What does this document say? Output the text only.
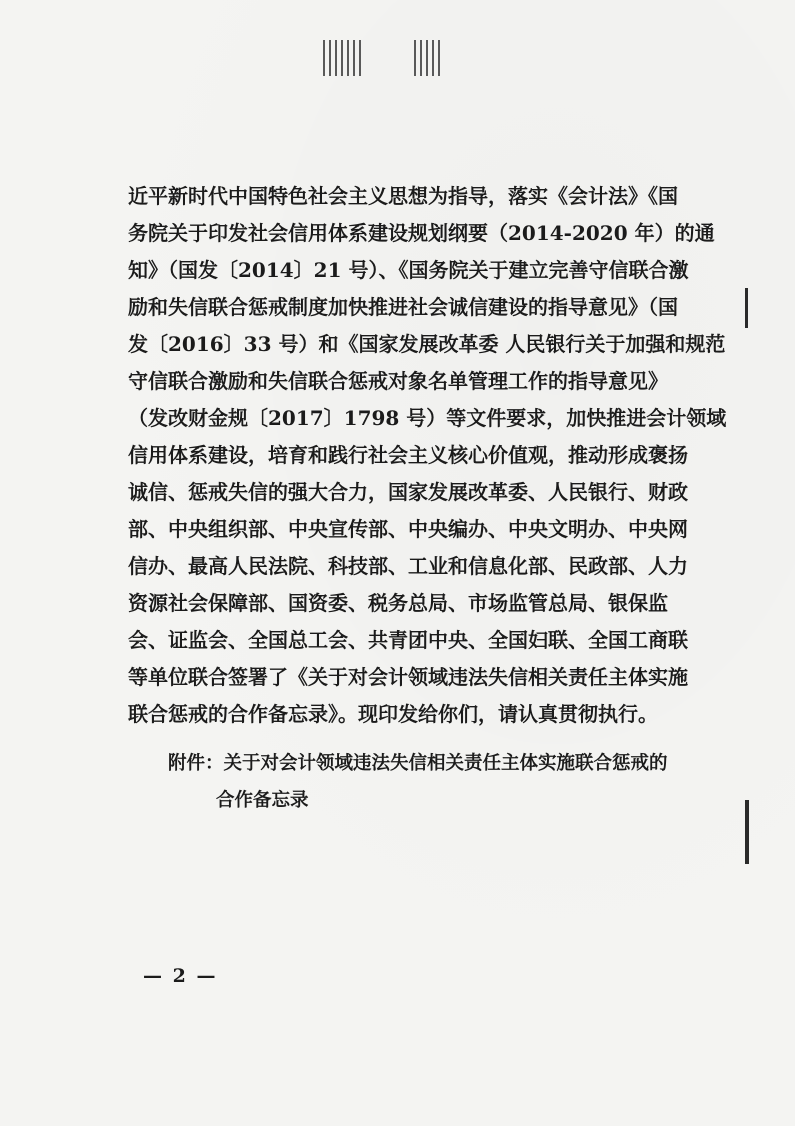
近平新时代中国特色社会主义思想为指导，落实《会计法》《国
务院关于印发社会信用体系建设规划纲要（2014-2020 年）的通
知》（国发〔2014〕21 号）、《国务院关于建立完善守信联合激
励和失信联合惩戒制度加快推进社会诚信建设的指导意见》（国
发〔2016〕33 号）和《国家发展改革委 人民银行关于加强和规范
守信联合激励和失信联合惩戒对象名单管理工作的指导意见》
（发改财金规〔2017〕1798 号）等文件要求，加快推进会计领域
信用体系建设，培育和践行社会主义核心价值观，推动形成褒扬
诚信、惩戒失信的强大合力，国家发展改革委、人民银行、财政
部、中央组织部、中央宣传部、中央编办、中央文明办、中央网
信办、最高人民法院、科技部、工业和信息化部、民政部、人力
资源社会保障部、国资委、税务总局、市场监管总局、银保监
会、证监会、全国总工会、共青团中央、全国妇联、全国工商联
等单位联合签署了《关于对会计领域违法失信相关责任主体实施
联合惩戒的合作备忘录》。现印发给你们，请认真贯彻执行。
附件：关于对会计领域违法失信相关责任主体实施联合惩戒的
合作备忘录
— 2 —
